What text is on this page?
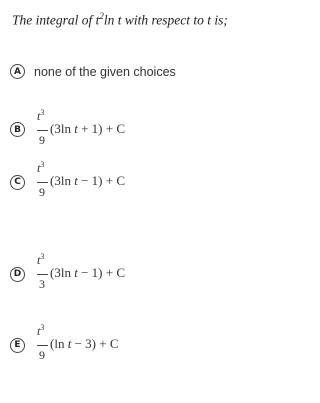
The integral of $t^2\ln$ t with respect to t is;
A	none of the given choices
B
$t^3$
9
(3ln t + 1) + C
C
$t^3$
9
(3ln t − 1) + C
D
$t^3$
3
(3ln t − 1) + C
E
$t^3$
9
(ln t − 3) + C
